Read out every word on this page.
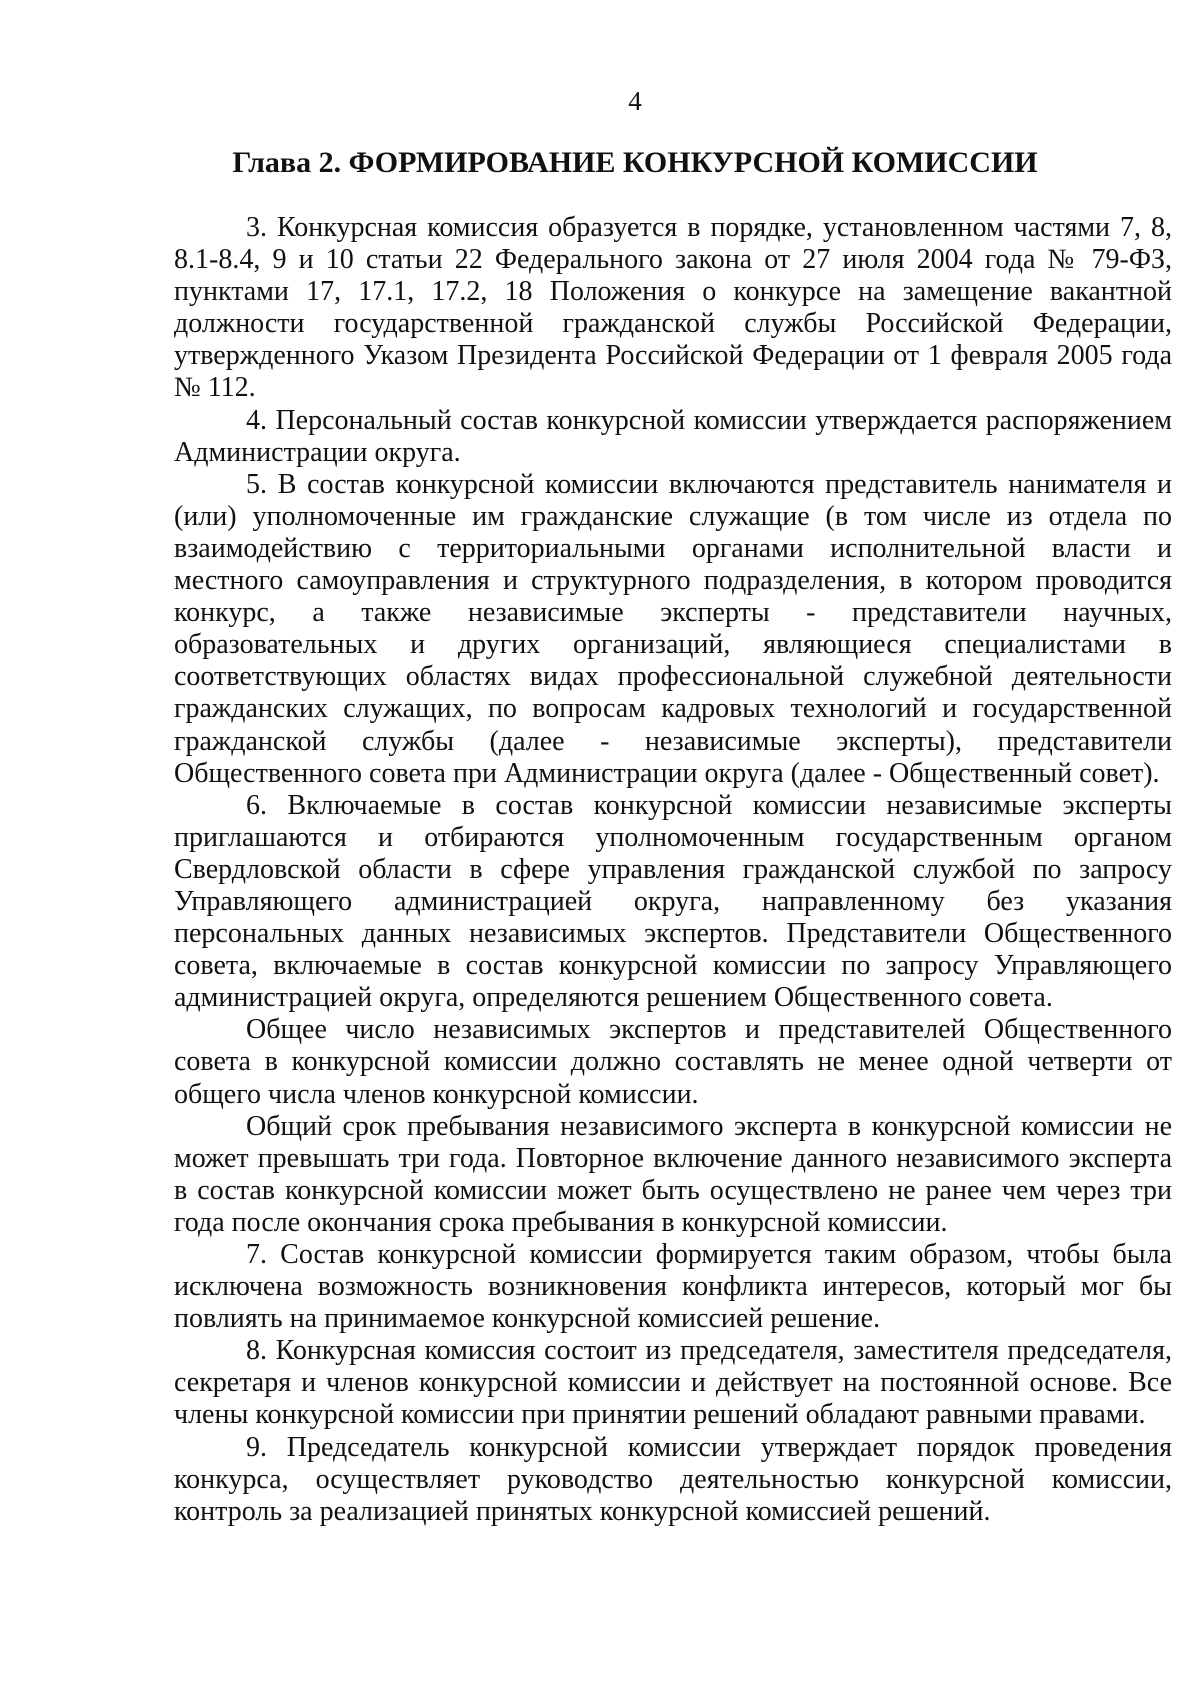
4
Глава 2. ФОРМИРОВАНИЕ КОНКУРСНОЙ КОМИССИИ

3. Конкурсная комиссия образуется в порядке, установленном частями 7, 8, 8.1-8.4, 9 и 10 статьи 22 Федерального закона от 27 июля 2004 года № 79-ФЗ, пунктами 17, 17.1, 17.2, 18 Положения о конкурсе на замещение вакантной должности государственной гражданской службы Российской Федерации, утвержденного Указом Президента Российской Федерации от 1 февраля 2005 года № 112.

4. Персональный состав конкурсной комиссии утверждается распоряжением Администрации округа.

5. В состав конкурсной комиссии включаются представитель нанимателя и (или) уполномоченные им гражданские служащие (в том числе из отдела по взаимодействию с территориальными органами исполнительной власти и местного самоуправления и структурного подразделения, в котором проводится конкурс, а также независимые эксперты - представители научных, образовательных и других организаций, являющиеся специалистами в соответствующих областях видах профессиональной служебной деятельности гражданских служащих, по вопросам кадровых технологий и государственной гражданской службы (далее - независимые эксперты), представители Общественного совета при Администрации округа (далее - Общественный совет).

6. Включаемые в состав конкурсной комиссии независимые эксперты приглашаются и отбираются уполномоченным государственным органом Свердловской области в сфере управления гражданской службой по запросу Управляющего администрацией округа, направленному без указания персональных данных независимых экспертов. Представители Общественного совета, включаемые в состав конкурсной комиссии по запросу Управляющего администрацией округа, определяются решением Общественного совета.

Общее число независимых экспертов и представителей Общественного совета в конкурсной комиссии должно составлять не менее одной четверти от общего числа членов конкурсной комиссии.

Общий срок пребывания независимого эксперта в конкурсной комиссии не может превышать три года. Повторное включение данного независимого эксперта в состав конкурсной комиссии может быть осуществлено не ранее чем через три года после окончания срока пребывания в конкурсной комиссии.

7. Состав конкурсной комиссии формируется таким образом, чтобы была исключена возможность возникновения конфликта интересов, который мог бы повлиять на принимаемое конкурсной комиссией решение.

8. Конкурсная комиссия состоит из председателя, заместителя председателя, секретаря и членов конкурсной комиссии и действует на постоянной основе. Все члены конкурсной комиссии при принятии решений обладают равными правами.

9. Председатель конкурсной комиссии утверждает порядок проведения конкурса, осуществляет руководство деятельностью конкурсной комиссии, контроль за реализацией принятых конкурсной комиссией решений.
